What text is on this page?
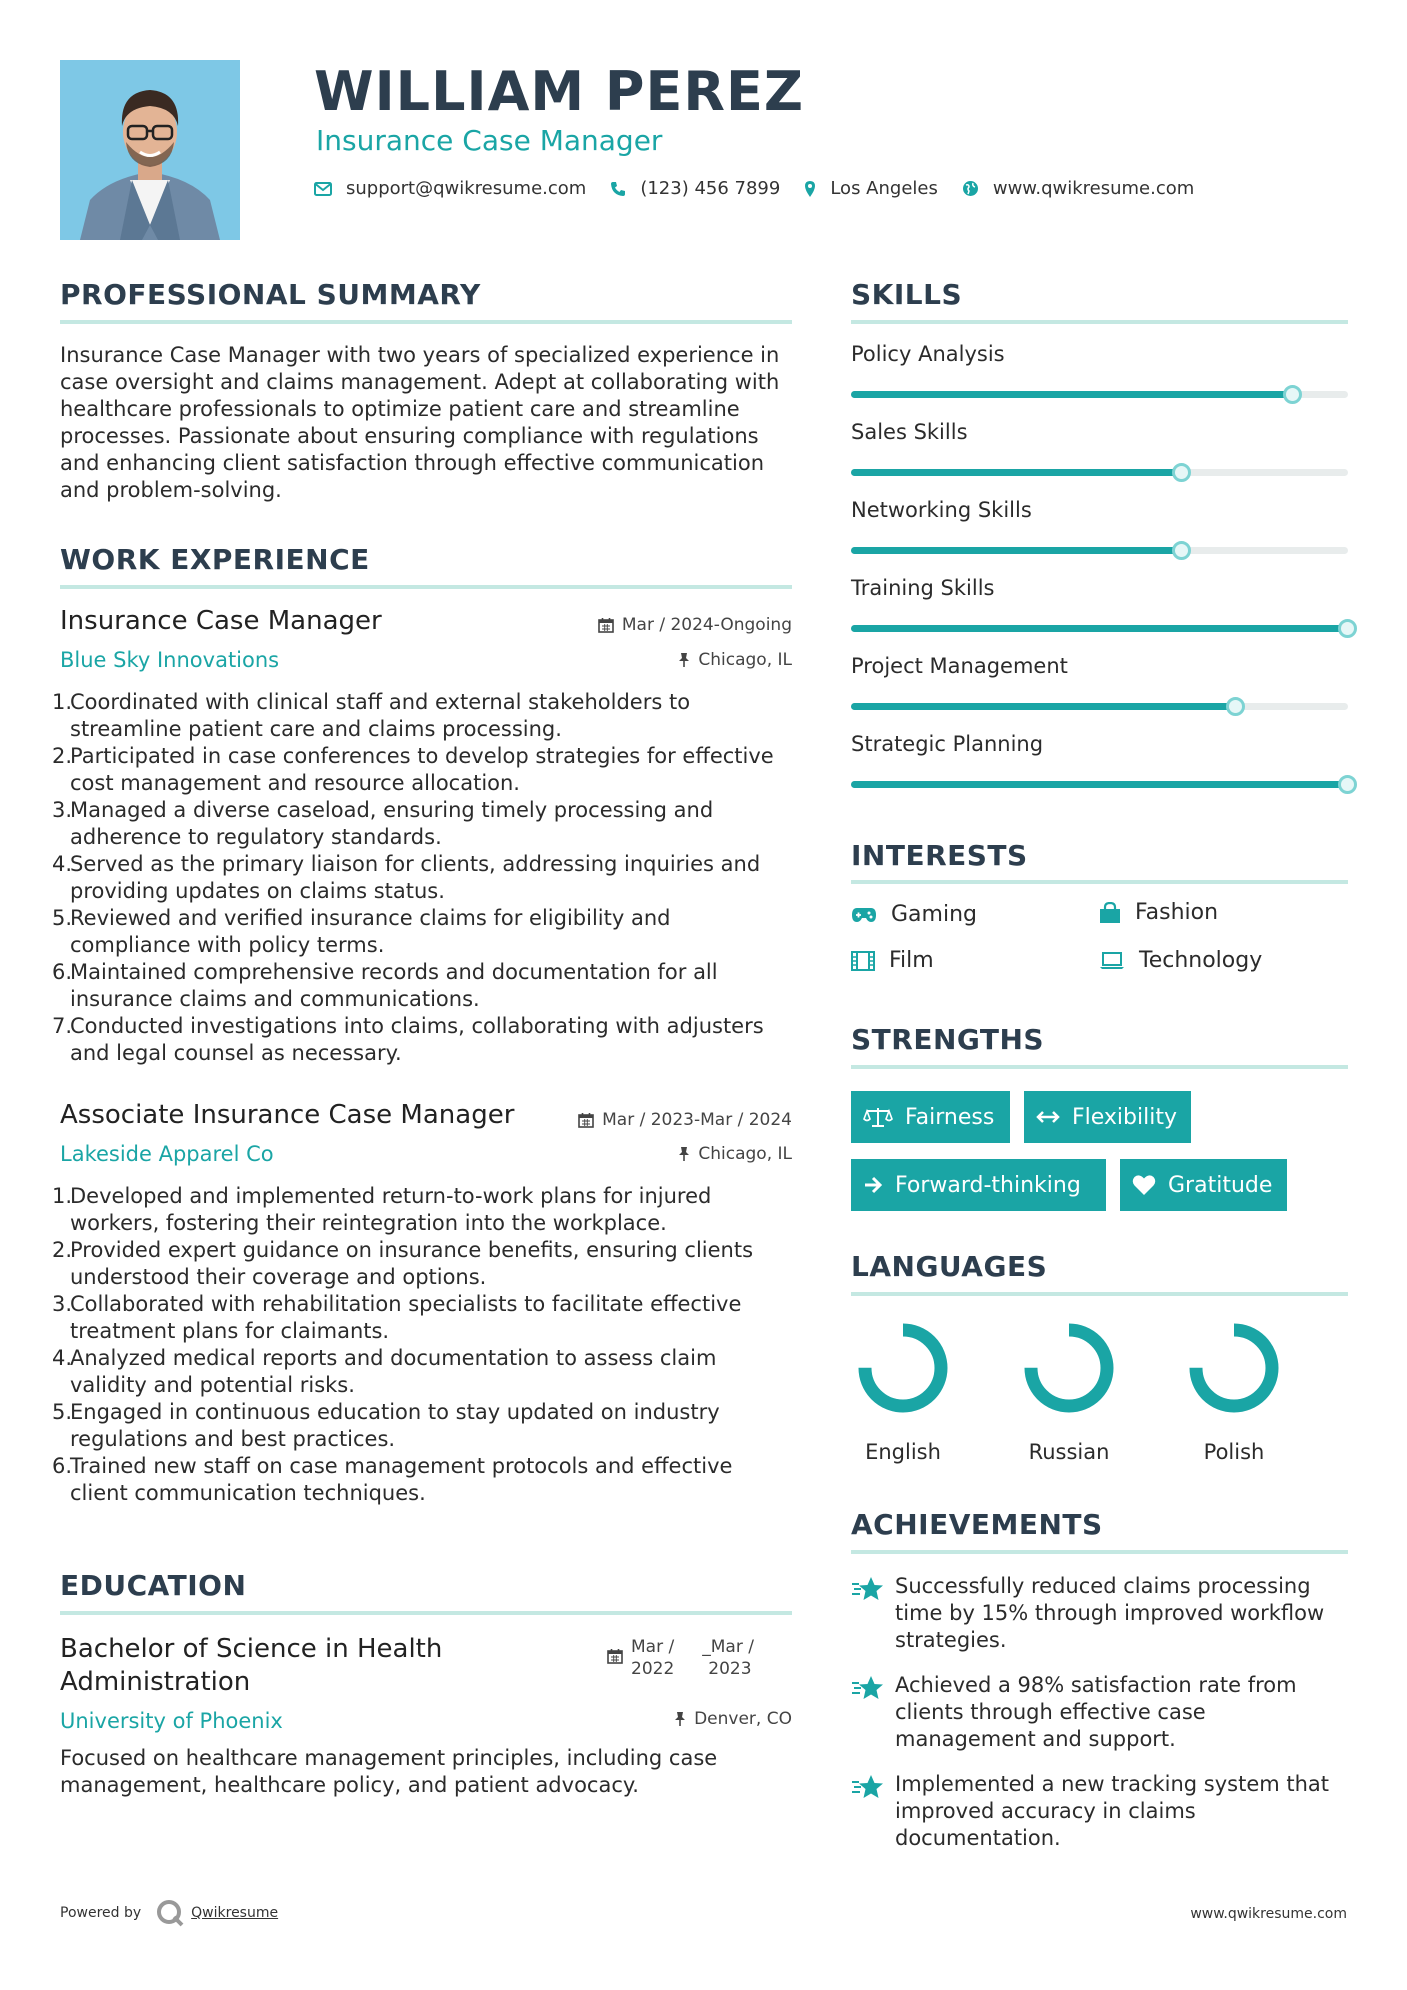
WILLIAM PEREZ
Insurance Case Manager
support@qwikresume.com	(123) 456 7899	Los Angeles	www.qwikresume.com
PROFESSIONAL SUMMARY
Insurance Case Manager with two years of specialized experience in case oversight and claims management. Adept at collaborating with healthcare professionals to optimize patient care and streamline processes. Passionate about ensuring compliance with regulations and enhancing client satisfaction through effective communication and problem-solving.
WORK EXPERIENCE
Insurance Case Manager	Mar / 2024-Ongoing
Blue Sky Innovations	Chicago, IL
1.
Coordinated with clinical staff and external stakeholders to streamline patient care and claims processing.
2.
Participated in case conferences to develop strategies for effective cost management and resource allocation.
3.
Managed a diverse caseload, ensuring timely processing and adherence to regulatory standards.
4.
Served as the primary liaison for clients, addressing inquiries and providing updates on claims status.
5.
Reviewed and verified insurance claims for eligibility and compliance with policy terms.
6.
Maintained comprehensive records and documentation for all insurance claims and communications.
7.
Conducted investigations into claims, collaborating with adjusters and legal counsel as necessary.
Associate Insurance Case Manager	Mar / 2023-Mar / 2024
Lakeside Apparel Co	Chicago, IL
1.
Developed and implemented return-to-work plans for injured workers, fostering their reintegration into the workplace.
2.
Provided expert guidance on insurance benefits, ensuring clients understood their coverage and options.
3.
Collaborated with rehabilitation specialists to facilitate effective treatment plans for claimants.
4.
Analyzed medical reports and documentation to assess claim validity and potential risks.
5.
Engaged in continuous education to stay updated on industry regulations and best practices.
6.
Trained new staff on case management protocols and effective client communication techniques.
EDUCATION
Bachelor of Science in Health
Administration
Mar /
2022
_Mar /
2023
University of Phoenix	Denver, CO
Focused on healthcare management principles, including case management, healthcare policy, and patient advocacy.
SKILLS
Policy Analysis
Sales Skills
Networking Skills
Training Skills
Project Management
Strategic Planning
INTERESTS
Gaming	Fashion
Film	Technology
STRENGTHS
Fairness	Flexibility
Forward-thinking	Gratitude
LANGUAGES
English	Russian	Polish
ACHIEVEMENTS
Successfully reduced claims processing time by 15% through improved workflow strategies.
Achieved a 98% satisfaction rate from clients through effective case management and support.
Implemented a new tracking system that improved accuracy in claims documentation.
Powered by	Qwikresume	www.qwikresume.com
